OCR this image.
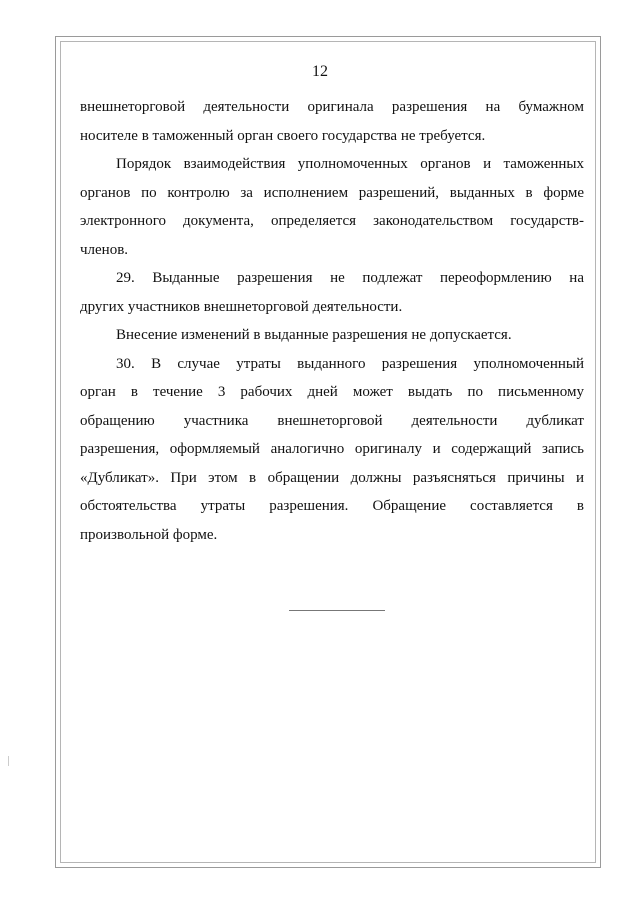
12

внешнеторговой деятельности оригинала разрешения на бумажном

носителе в таможенный орган своего государства не требуется.

Порядок взаимодействия уполномоченных органов и таможенных

органов по контролю за исполнением разрешений, выданных в форме

электронного документа, определяется законодательством государств-

членов.

29. Выданные разрешения не подлежат переоформлению на

других участников внешнеторговой деятельности.

Внесение изменений в выданные разрешения не допускается.

30. В случае утраты выданного разрешения уполномоченный

орган в течение 3 рабочих дней может выдать по письменному

обращению участника внешнеторговой деятельности дубликат

разрешения, оформляемый аналогично оригиналу и содержащий запись

«Дубликат». При этом в обращении должны разъясняться причины и

обстоятельства утраты разрешения. Обращение составляется в

произвольной форме.
